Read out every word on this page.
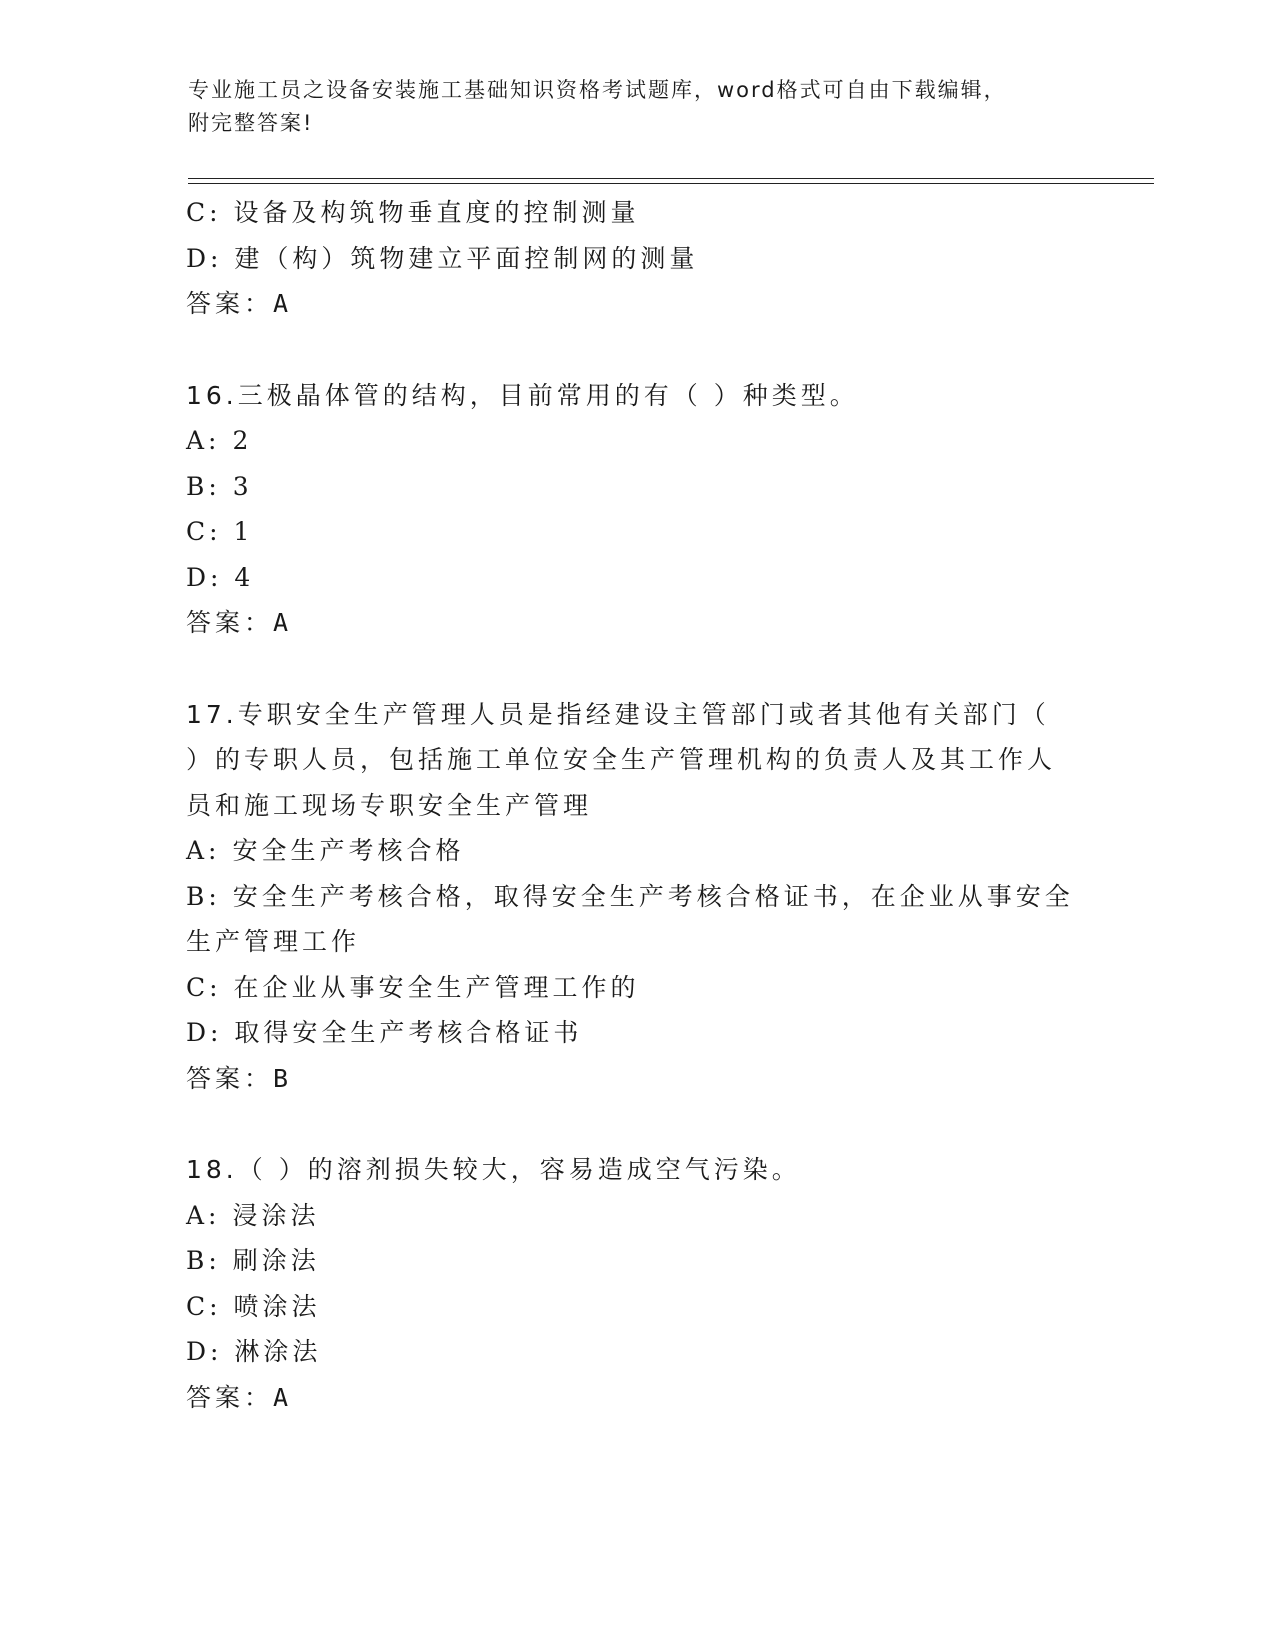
专业施工员之设备安装施工基础知识资格考试题库，word格式可自由下载编辑，
附完整答案!
C: 设备及构筑物垂直度的控制测量
D: 建（构）筑物建立平面控制网的测量
答案：A
16.三极晶体管的结构，目前常用的有（ ）种类型。
A: 2
B: 3
C: 1
D: 4
答案：A
17.专职安全生产管理人员是指经建设主管部门或者其他有关部门（
）的专职人员，包括施工单位安全生产管理机构的负责人及其工作人
员和施工现场专职安全生产管理
A: 安全生产考核合格
B: 安全生产考核合格，取得安全生产考核合格证书，在企业从事安全
生产管理工作
C: 在企业从事安全生产管理工作的
D: 取得安全生产考核合格证书
答案：B
18.（ ）的溶剂损失较大，容易造成空气污染。
A: 浸涂法
B: 刷涂法
C: 喷涂法
D: 淋涂法
答案：A
